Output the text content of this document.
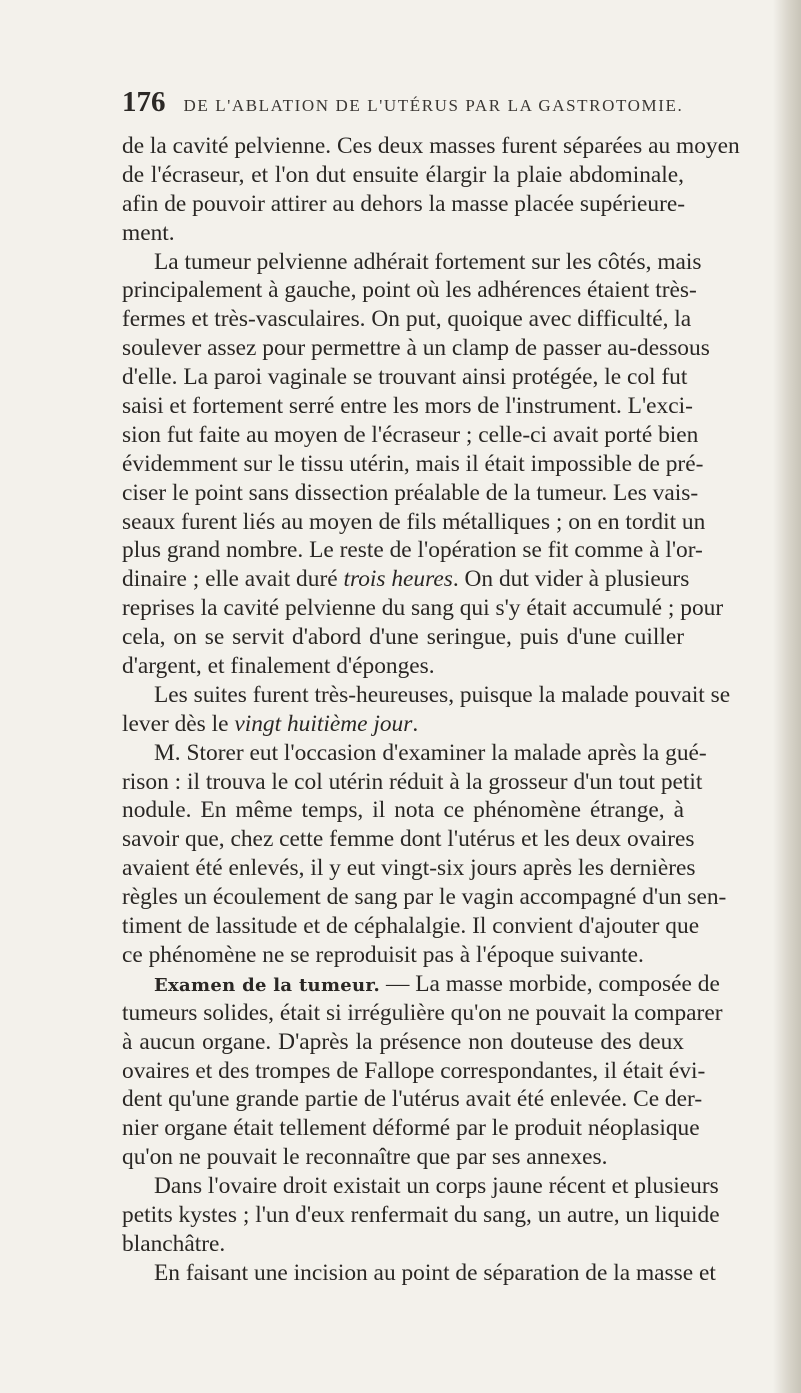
176 DE L'ABLATION DE L'UTÉRUS PAR LA GASTROTOMIE.
de la cavité pelvienne. Ces deux masses furent séparées au moyen
de l'écraseur, et l'on dut ensuite élargir la plaie abdominale,
afin de pouvoir attirer au dehors la masse placée supérieure-
ment.
La tumeur pelvienne adhérait fortement sur les côtés, mais
principalement à gauche, point où les adhérences étaient très-
fermes et très-vasculaires. On put, quoique avec difficulté, la
soulever assez pour permettre à un clamp de passer au-dessous
d'elle. La paroi vaginale se trouvant ainsi protégée, le col fut
saisi et fortement serré entre les mors de l'instrument. L'exci-
sion fut faite au moyen de l'écraseur ; celle-ci avait porté bien
évidemment sur le tissu utérin, mais il était impossible de pré-
ciser le point sans dissection préalable de la tumeur. Les vais-
seaux furent liés au moyen de fils métalliques ; on en tordit un
plus grand nombre. Le reste de l'opération se fit comme à l'or-
dinaire ; elle avait duré trois heures. On dut vider à plusieurs
reprises la cavité pelvienne du sang qui s'y était accumulé ; pour
cela, on se servit d'abord d'une seringue, puis d'une cuiller
d'argent, et finalement d'éponges.
Les suites furent très-heureuses, puisque la malade pouvait se
lever dès le vingt huitième jour.
M. Storer eut l'occasion d'examiner la malade après la gué-
rison : il trouva le col utérin réduit à la grosseur d'un tout petit
nodule. En même temps, il nota ce phénomène étrange, à
savoir que, chez cette femme dont l'utérus et les deux ovaires
avaient été enlevés, il y eut vingt-six jours après les dernières
règles un écoulement de sang par le vagin accompagné d'un sen-
timent de lassitude et de céphalalgie. Il convient d'ajouter que
ce phénomène ne se reproduisit pas à l'époque suivante.
Examen de la tumeur. — La masse morbide, composée de
tumeurs solides, était si irrégulière qu'on ne pouvait la comparer
à aucun organe. D'après la présence non douteuse des deux
ovaires et des trompes de Fallope correspondantes, il était évi-
dent qu'une grande partie de l'utérus avait été enlevée. Ce der-
nier organe était tellement déformé par le produit néoplasique
qu'on ne pouvait le reconnaître que par ses annexes.
Dans l'ovaire droit existait un corps jaune récent et plusieurs
petits kystes ; l'un d'eux renfermait du sang, un autre, un liquide
blanchâtre.
En faisant une incision au point de séparation de la masse et
